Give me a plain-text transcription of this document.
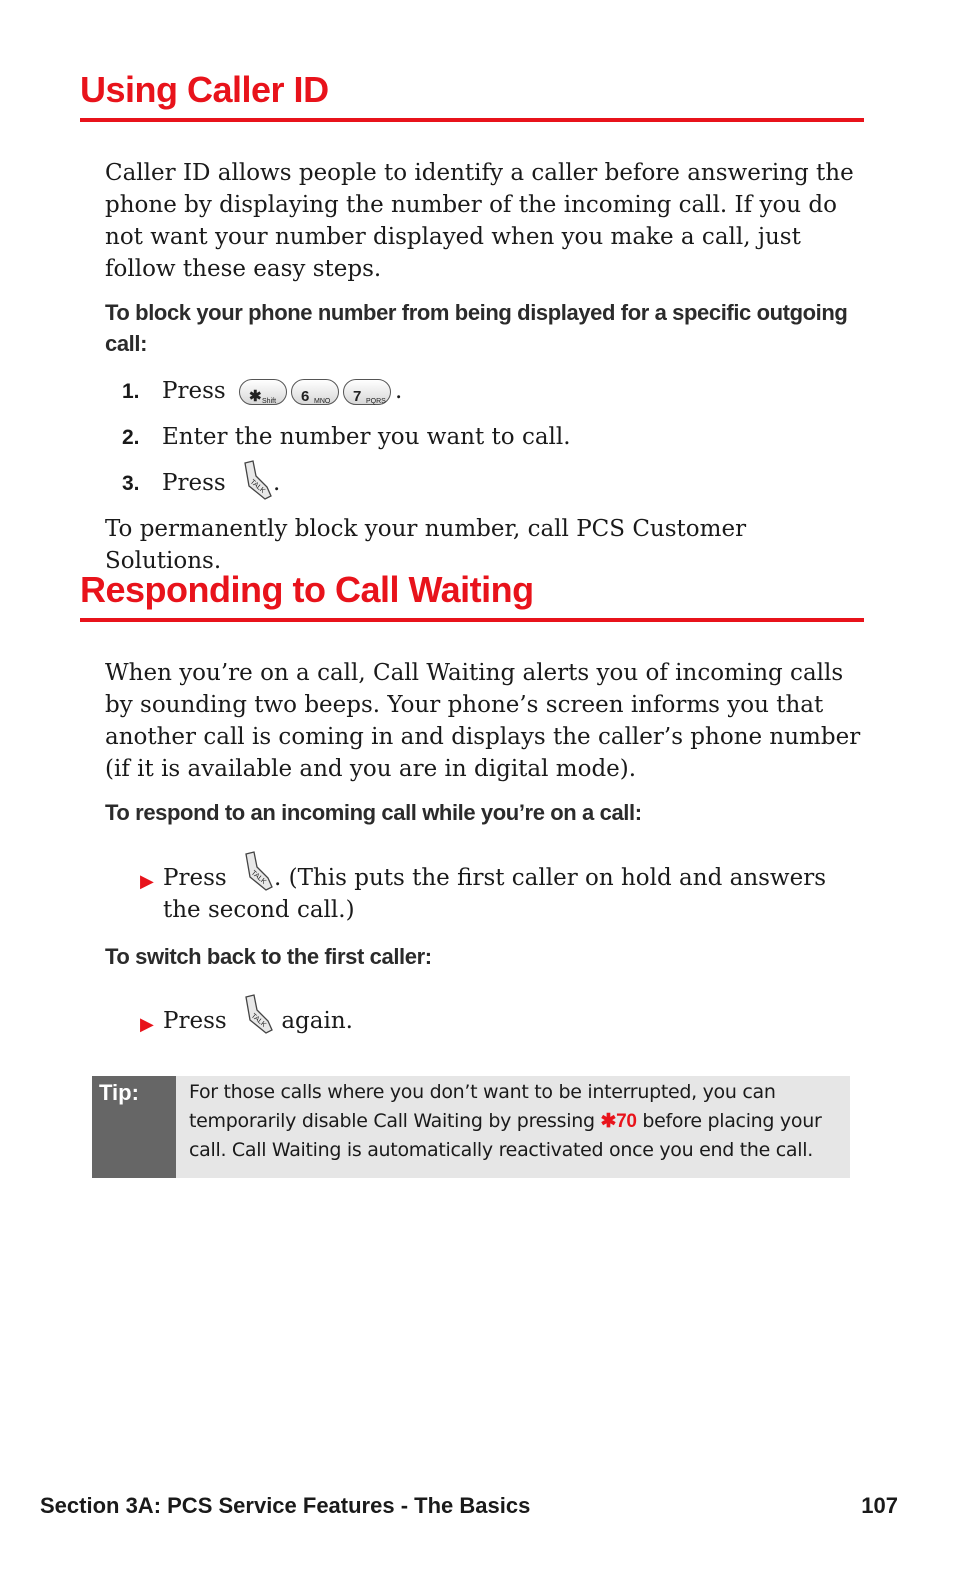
Using Caller ID
Caller ID allows people to identify a caller before answering the phone by displaying the number of the incoming call. If you do not want your number displayed when you make a call, just follow these easy steps.
To block your phone number from being displayed for a specific outgoing call:
1. Press ✱ Shift 6 MNO 7 PQRS .
2. Enter the number you want to call.
3. Press	TALK .
To permanently block your number, call PCS Customer Solutions.
Responding to Call Waiting
When you’re on a call, Call Waiting alerts you of incoming calls by sounding two beeps. Your phone’s screen informs you that another call is coming in and displays the caller’s phone number (if it is available and you are in digital mode).
To respond to an incoming call while you’re on a call:
▶ Press	TALK . (This puts the first caller on hold and answers the second call.)
To switch back to the first caller:
▶ Press	TALK again.
Tip:	For those calls where you don’t want to be interrupted, you can temporarily disable Call Waiting by pressing ✱70 before placing your call. Call Waiting is automatically reactivated once you end the call.
Section 3A: PCS Service Features - The Basics	107
